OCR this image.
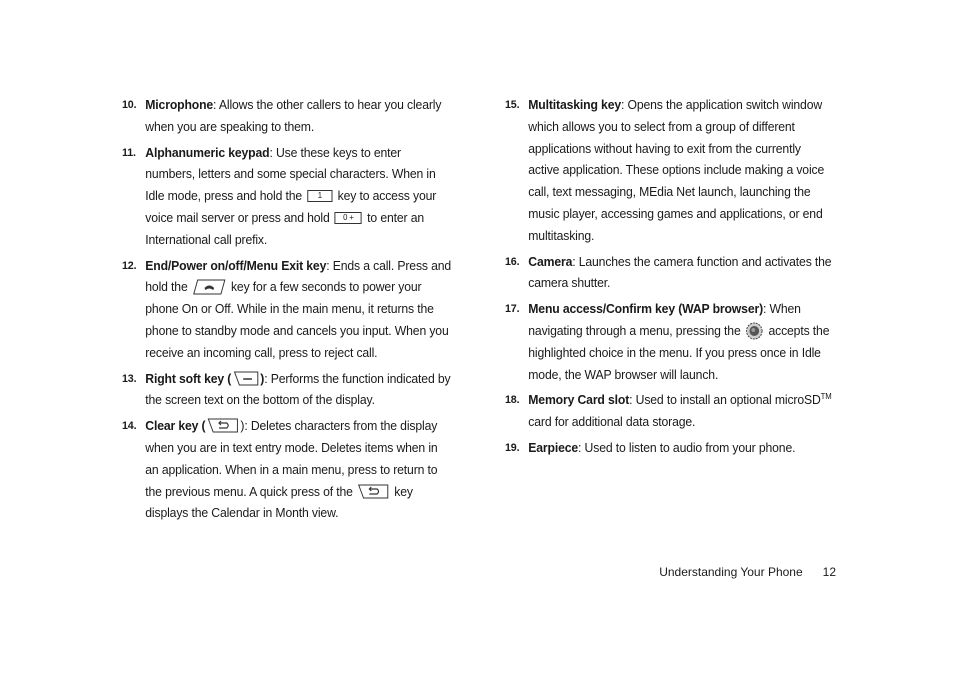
10. Microphone: Allows the other callers to hear you clearly when you are speaking to them.
11. Alphanumeric keypad: Use these keys to enter numbers, letters and some special characters. When in Idle mode, press and hold the 1 key to access your voice mail server or press and hold 0 + to enter an International call prefix.
12. End/Power on/off/Menu Exit key: Ends a call. Press and hold the	key for a few seconds to power your phone On or Off. While in the main menu, it returns the phone to standby mode and cancels you input. When you receive an incoming call, press to reject call.
13. Right soft key ( ): Performs the function indicated by the screen text on the bottom of the display.
14. Clear key (	): Deletes characters from the display when you are in text entry mode. Deletes items when in an application. When in a main menu, press to return to the previous menu. A quick press of the	key displays the Calendar in Month view.
15. Multitasking key: Opens the application switch window which allows you to select from a group of different applications without having to exit from the currently active application. These options include making a voice call, text messaging, MEdia Net launch, launching the music player, accessing games and applications, or end multitasking.
16. Camera: Launches the camera function and activates the camera shutter.
17. Menu access/Confirm key (WAP browser): When navigating through a menu, pressing the accepts the highlighted choice in the menu. If you press once in Idle mode, the WAP browser will launch.
18. Memory Card slot: Used to install an optional microSD™ card for additional data storage.
19. Earpiece: Used to listen to audio from your phone.
Understanding Your Phone 12
